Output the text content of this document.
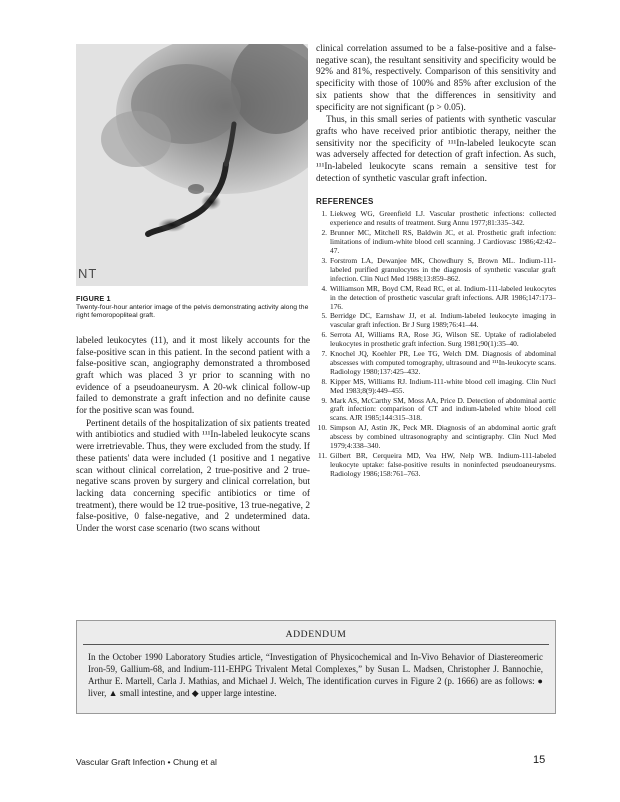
NT
FIGURE 1
Twenty-four-hour anterior image of the pelvis demonstrating activity along the right femoropopliteal graft.

labeled leukocytes (11), and it most likely accounts for the false-positive scan in this patient. In the second patient with a false-positive scan, angiography demonstrated a thrombosed graft which was placed 3 yr prior to scanning with no evidence of a pseudoaneurysm. A 20-wk clinical follow-up failed to demonstrate a graft infection and no definite cause for the positive scan was found.

Pertinent details of the hospitalization of six patients treated with antibiotics and studied with ¹¹¹In-labeled leukocyte scans were irretrievable. Thus, they were excluded from the study. If these patients' data were included (1 positive and 1 negative scan without clinical correlation, 2 true-positive and 2 true-negative scans proven by surgery and clinical correlation, but lacking data concerning specific antibiotics or time of treatment), there would be 12 true-positive, 13 true-negative, 2 false-positive, 0 false-negative, and 2 undetermined data. Under the worst case scenario (two scans without

clinical correlation assumed to be a false-positive and a false-negative scan), the resultant sensitivity and specificity would be 92% and 81%, respectively. Comparison of this sensitivity and specificity with those of 100% and 85% after exclusion of the six patients show that the differences in sensitivity and specificity are not significant (p > 0.05).

Thus, in this small series of patients with synthetic vascular grafts who have received prior antibiotic therapy, neither the sensitivity nor the specificity of ¹¹¹In-labeled leukocyte scan was adversely affected for detection of graft infection. As such, ¹¹¹In-labeled leukocyte scans remain a sensitive test for detection of synthetic vascular graft infection.

REFERENCES
1. Liekweg WG, Greenfield LJ. Vascular prosthetic infections: collected experience and results of treatment. Surg Annu 1977;81:335–342.
2. Brunner MC, Mitchell RS, Baldwin JC, et al. Prosthetic graft infection: limitations of indium-white blood cell scanning. J Cardiovasc 1986;42:42–47.
3. Forstrom LA, Dewanjee MK, Chowdhury S, Brown ML. Indium-111-labeled purified granulocytes in the diagnosis of synthetic vascular graft infection. Clin Nucl Med 1988;13:859–862.
4. Williamson MR, Boyd CM, Read RC, et al. Indium-111-labeled leukocytes in the detection of prosthetic vascular graft infections. AJR 1986;147:173–176.
5. Berridge DC, Earnshaw JJ, et al. Indium-labeled leukocyte imaging in vascular graft infection. Br J Surg 1989;76:41–44.
6. Serrota AI, Williams RA, Rose JG, Wilson SE. Uptake of radiolabeled leukocytes in prosthetic graft infection. Surg 1981;90(1):35–40.
7. Knochel JQ, Koehler PR, Lee TG, Welch DM. Diagnosis of abdominal abscesses with computed tomography, ultrasound and ¹¹¹In-leukocyte scans. Radiology 1980;137:425–432.
8. Kipper MS, Williams RJ. Indium-111-white blood cell imaging. Clin Nucl Med 1983;8(9):449–455.
9. Mark AS, McCarthy SM, Moss AA, Price D. Detection of abdominal aortic graft infection: comparison of CT and indium-labeled white blood cell scans. AJR 1985;144:315–318.
10. Simpson AJ, Astin JK, Peck MR. Diagnosis of an abdominal aortic graft abscess by combined ultrasonography and scintigraphy. Clin Nucl Med 1979;4:338–340.
11. Gilbert BR, Cerqueira MD, Vea HW, Nelp WB. Indium-111-labeled leukocyte uptake: false-positive results in noninfected pseudoaneurysms. Radiology 1986;158:761–763.
ADDENDUM
In the October 1990 Laboratory Studies article, “Investigation of Physicochemical and In-Vivo Behavior of Diastereomeric Iron-59, Gallium-68, and Indium-111-EHPG Trivalent Metal Complexes,” by Susan L. Madsen, Christopher J. Bannochie, Arthur E. Martell, Carla J. Mathias, and Michael J. Welch, The identification curves in Figure 2 (p. 1666) are as follows: ● liver, ▲ small intestine, and ◆ upper large intestine.
Vascular Graft Infection • Chung et al	15
